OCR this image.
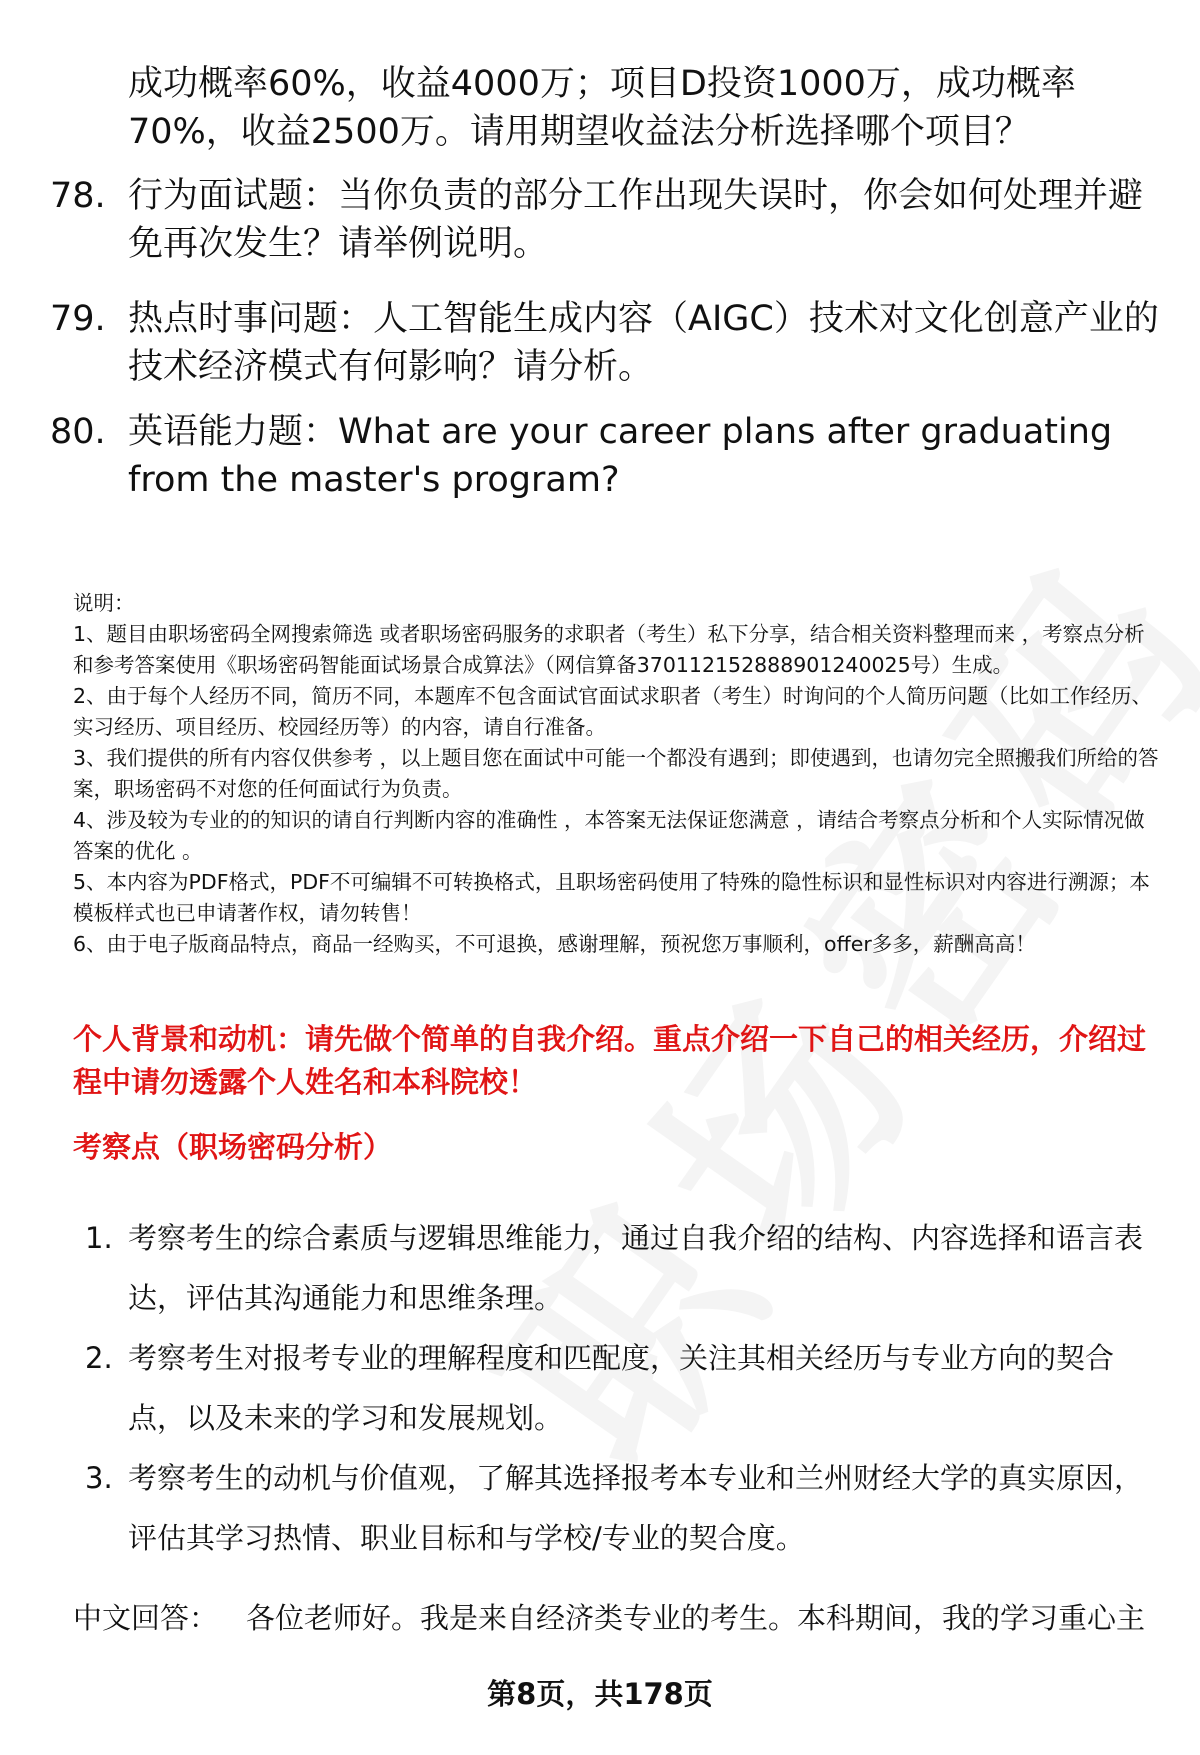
成功概率60%，收益4000万；项目D投资1000万，成功概率70%，收益2500万。请用期望收益法分析选择哪个项目？
78. 行为面试题：当你负责的部分工作出现失误时，你会如何处理并避免再次发生？请举例说明。
79. 热点时事问题：人工智能生成内容（AIGC）技术对文化创意产业的技术经济模式有何影响？请分析。
80. 英语能力题：What are your career plans after graduating from the master's program?

说明：

1、题目由职场密码全网搜索筛选 或者职场密码服务的求职者（考生）私下分享，结合相关资料整理而来 ，考察点分析和参考答案使用《职场密码智能面试场景合成算法》（网信算备370112152888901240025号）生成。

2、由于每个人经历不同，简历不同，本题库不包含面试官面试求职者（考生）时询问的个人简历问题（比如工作经历、实习经历、项目经历、校园经历等）的内容，请自行准备。

3、我们提供的所有内容仅供参考 ，以上题目您在面试中可能一个都没有遇到；即使遇到，也请勿完全照搬我们所给的答案，职场密码不对您的任何面试行为负责。

4、涉及较为专业的的知识的请自行判断内容的准确性 ，本答案无法保证您满意 ，请结合考察点分析和个人实际情况做答案的优化 。

5、本内容为PDF格式，PDF不可编辑不可转换格式，且职场密码使用了特殊的隐性标识和显性标识对内容进行溯源；本模板样式也已申请著作权，请勿转售！

6、由于电子版商品特点，商品一经购买，不可退换，感谢理解，预祝您万事顺利，offer多多，薪酬高高！

个人背景和动机：请先做个简单的自我介绍。重点介绍一下自己的相关经历，介绍过程中请勿透露个人姓名和本科院校！
考察点（职场密码分析）
1. 考察考生的综合素质与逻辑思维能力，通过自我介绍的结构、内容选择和语言表达，评估其沟通能力和思维条理。
2. 考察考生对报考专业的理解程度和匹配度，关注其相关经历与专业方向的契合点，以及未来的学习和发展规划。
3. 考察考生的动机与价值观，了解其选择报考本专业和兰州财经大学的真实原因，评估其学习热情、职业目标和与学校/专业的契合度。
中文回答： 各位老师好。我是来自经济类专业的考生。本科期间，我的学习重心主
第8页，共178页
